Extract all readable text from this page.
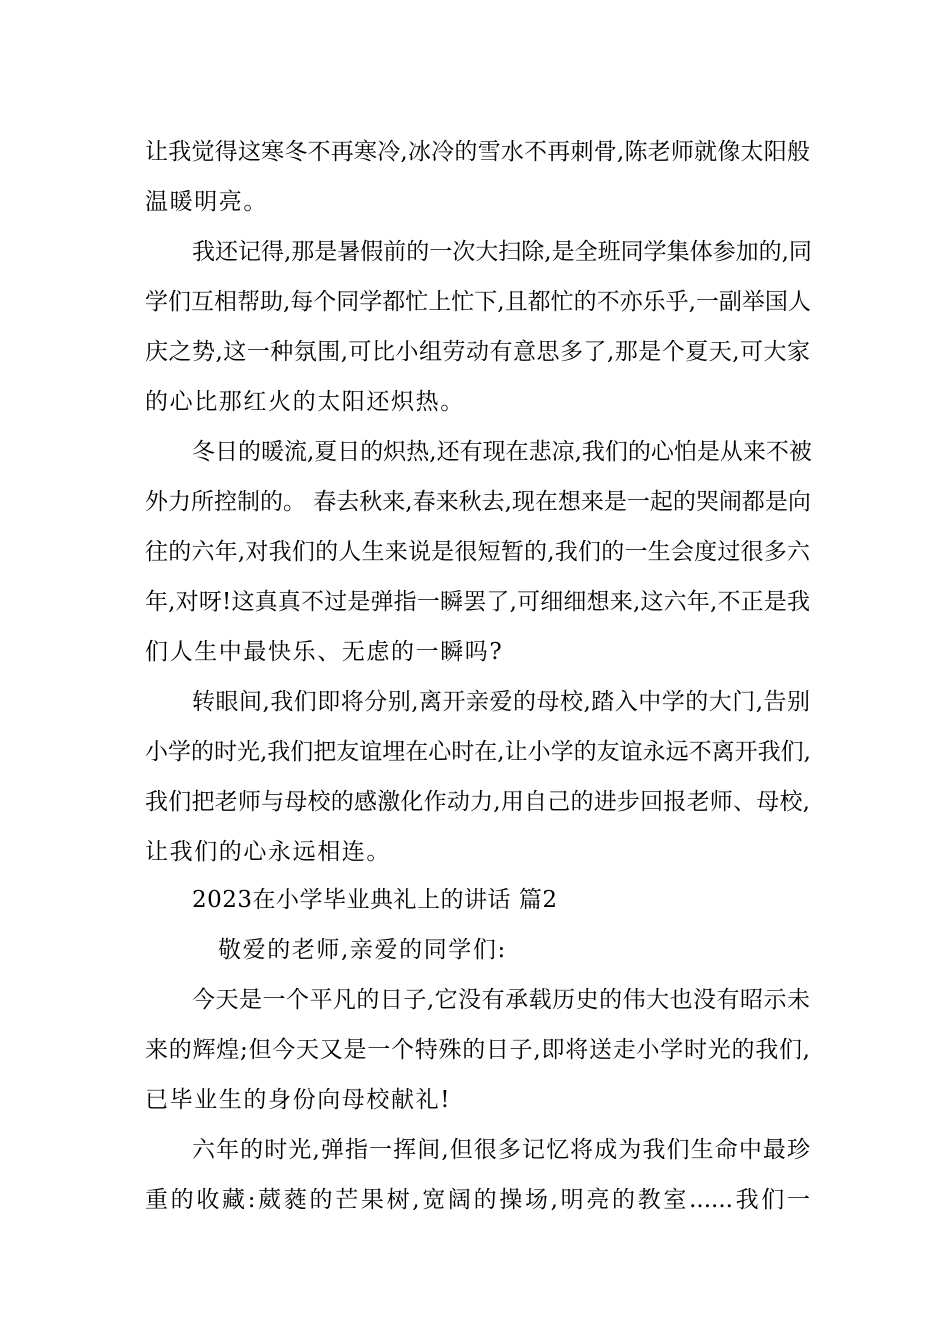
让我觉得这寒冬不再寒冷,冰冷的雪水不再刺骨,陈老师就像太阳般
温暖明亮。
我还记得,那是暑假前的一次大扫除,是全班同学集体参加的,同
学们互相帮助,每个同学都忙上忙下,且都忙的不亦乐乎,一副举国人
庆之势,这一种氛围,可比小组劳动有意思多了,那是个夏天,可大家
的心比那红火的太阳还炽热。
冬日的暖流,夏日的炽热,还有现在悲凉,我们的心怕是从来不被
外力所控制的。 春去秋来,春来秋去,现在想来是一起的哭闹都是向
往的六年,对我们的人生来说是很短暂的,我们的一生会度过很多六
年,对呀!这真真不过是弹指一瞬罢了,可细细想来,这六年,不正是我
们人生中最快乐、无虑的一瞬吗?
转眼间,我们即将分别,离开亲爱的母校,踏入中学的大门,告别
小学的时光,我们把友谊埋在心时在,让小学的友谊永远不离开我们,
我们把老师与母校的感激化作动力,用自己的进步回报老师、母校,
让我们的心永远相连。
2023在小学毕业典礼上的讲话 篇2
敬爱的老师,亲爱的同学们:
今天是一个平凡的日子,它没有承载历史的伟大也没有昭示未
来的辉煌;但今天又是一个特殊的日子,即将送走小学时光的我们,
已毕业生的身份向母校献礼!
六年的时光,弹指一挥间,但很多记忆将成为我们生命中最珍
重的收藏:葳蕤的芒果树,宽阔的操场,明亮的教室......我们一
